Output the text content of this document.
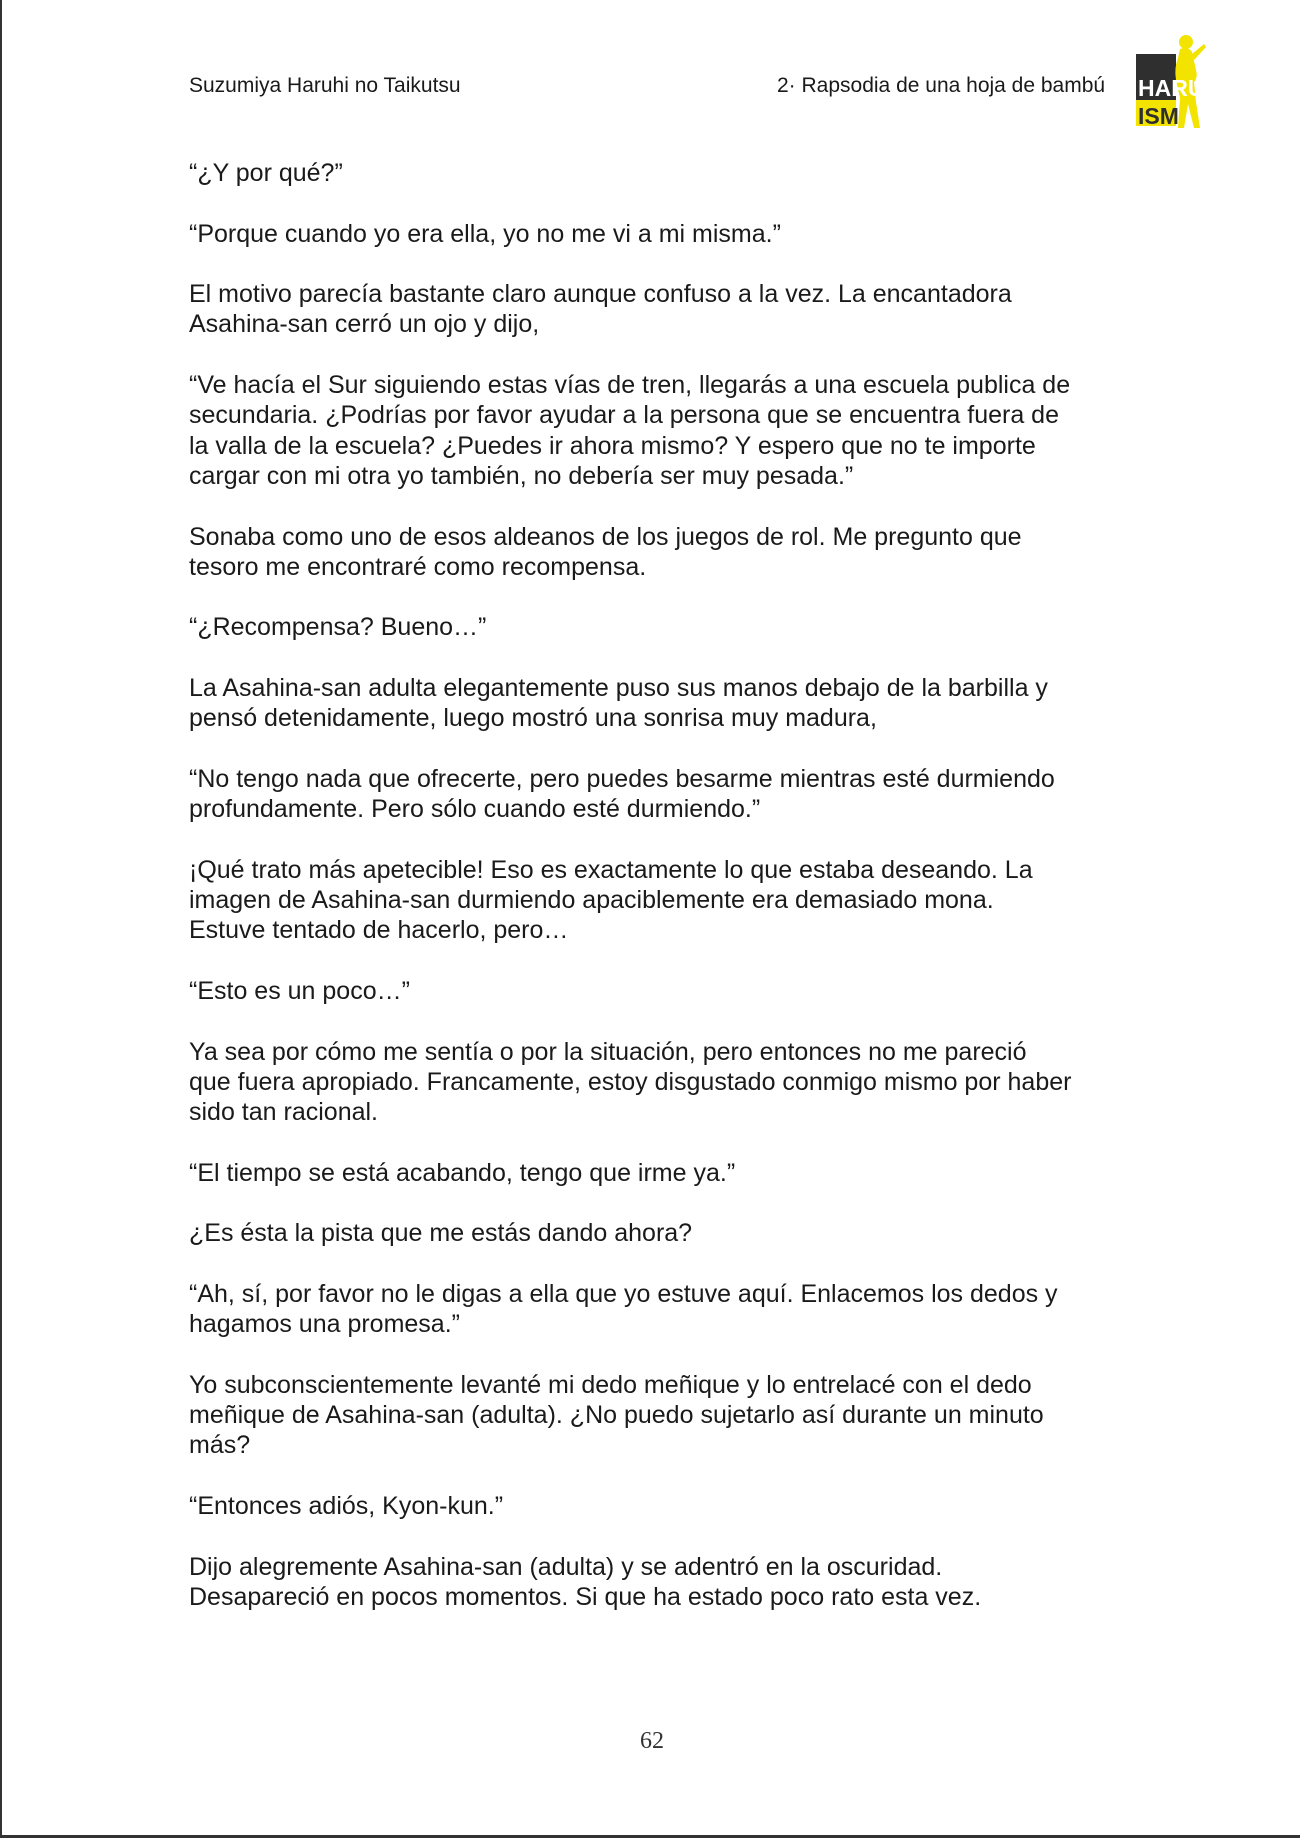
Suzumiya Haruhi no Taikutsu	2· Rapsodia de una hoja de bambú HARUHI
ISM

“¿Y por qué?”

“Porque cuando yo era ella, yo no me vi a mi misma.”

El motivo parecía bastante claro aunque confuso a la vez. La encantadora
Asahina-san cerró un ojo y dijo,

“Ve hacía el Sur siguiendo estas vías de tren, llegarás a una escuela publica de
secundaria. ¿Podrías por favor ayudar a la persona que se encuentra fuera de
la valla de la escuela? ¿Puedes ir ahora mismo? Y espero que no te importe
cargar con mi otra yo también, no debería ser muy pesada.”

Sonaba como uno de esos aldeanos de los juegos de rol. Me pregunto que
tesoro me encontraré como recompensa.

“¿Recompensa? Bueno…”

La Asahina-san adulta elegantemente puso sus manos debajo de la barbilla y
pensó detenidamente, luego mostró una sonrisa muy madura,

“No tengo nada que ofrecerte, pero puedes besarme mientras esté durmiendo
profundamente. Pero sólo cuando esté durmiendo.”

¡Qué trato más apetecible! Eso es exactamente lo que estaba deseando. La
imagen de Asahina-san durmiendo apaciblemente era demasiado mona.
Estuve tentado de hacerlo, pero…

“Esto es un poco…”

Ya sea por cómo me sentía o por la situación, pero entonces no me pareció
que fuera apropiado. Francamente, estoy disgustado conmigo mismo por haber
sido tan racional.

“El tiempo se está acabando, tengo que irme ya.”

¿Es ésta la pista que me estás dando ahora?

“Ah, sí, por favor no le digas a ella que yo estuve aquí. Enlacemos los dedos y
hagamos una promesa.”

Yo subconscientemente levanté mi dedo meñique y lo entrelacé con el dedo
meñique de Asahina-san (adulta). ¿No puedo sujetarlo así durante un minuto
más?

“Entonces adiós, Kyon-kun.”

Dijo alegremente Asahina-san (adulta) y se adentró en la oscuridad.
Desapareció en pocos momentos. Si que ha estado poco rato esta vez.

62
